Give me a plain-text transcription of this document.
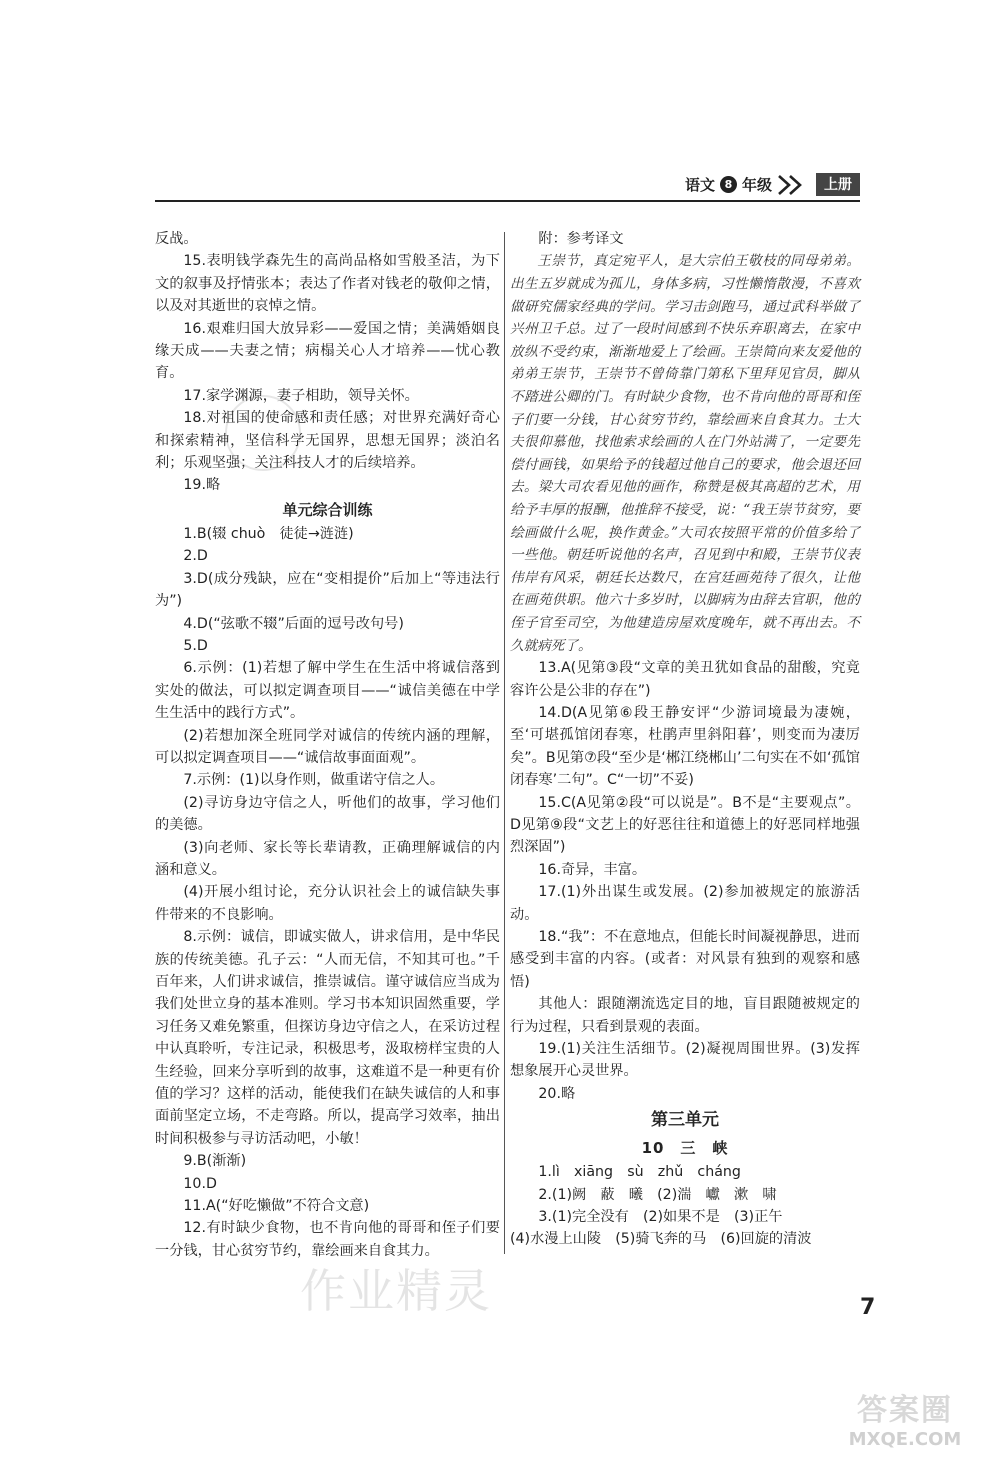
语文 8 年级	上册

反战。

15.表明钱学森先生的高尚品格如雪般圣洁，为下文的叙事及抒情张本；表达了作者对钱老的敬仰之情，以及对其逝世的哀悼之情。

16.艰难归国大放异彩——爱国之情；美满婚姻良缘天成——夫妻之情；病榻关心人才培养——忧心教育。

17.家学渊源，妻子相助，领导关怀。

18.对祖国的使命感和责任感；对世界充满好奇心和探索精神，坚信科学无国界，思想无国界；淡泊名利；乐观坚强；关注科技人才的后续培养。

19.略

单元综合训练

1.B(辍 chuò　徒徒→涟涟)

2.D

3.D(成分残缺，应在“变相提价”后加上“等违法行为”)

4.D(“弦歌不辍”后面的逗号改句号)

5.D

6.示例：(1)若想了解中学生在生活中将诚信落到实处的做法，可以拟定调查项目——“诚信美德在中学生生活中的践行方式”。

(2)若想加深全班同学对诚信的传统内涵的理解，可以拟定调查项目——“诚信故事面面观”。

7.示例：(1)以身作则，做重诺守信之人。

(2)寻访身边守信之人，听他们的故事，学习他们的美德。

(3)向老师、家长等长辈请教，正确理解诚信的内涵和意义。

(4)开展小组讨论，充分认识社会上的诚信缺失事件带来的不良影响。

8.示例：诚信，即诚实做人，讲求信用，是中华民族的传统美德。孔子云：“人而无信，不知其可也。”千百年来，人们讲求诚信，推崇诚信。谨守诚信应当成为我们处世立身的基本准则。学习书本知识固然重要，学习任务又难免繁重，但探访身边守信之人，在采访过程中认真聆听，专注记录，积极思考，汲取榜样宝贵的人生经验，回来分享听到的故事，这难道不是一种更有价值的学习？这样的活动，能使我们在缺失诚信的人和事面前坚定立场，不走弯路。所以，提高学习效率，抽出时间积极参与寻访活动吧，小敏！

9.B(渐渐)

10.D

11.A(“好吃懒做”不符合文意)

12.有时缺少食物，也不肯向他的哥哥和侄子们要一分钱，甘心贫穷节约，靠绘画来自食其力。

附：参考译文

王崇节，真定宛平人，是大宗伯王敬枝的同母弟弟。出生五岁就成为孤儿，身体多病，习性懒惰散漫，不喜欢做研究儒家经典的学问。学习击剑跑马，通过武科举做了兴州卫千总。过了一段时间感到不快乐弃职离去，在家中放纵不受约束，渐渐地爱上了绘画。王崇简向来友爱他的弟弟王崇节，王崇节不曾倚靠门第私下里拜见官员，脚从不踏进公卿的门。有时缺少食物，也不肯向他的哥哥和侄子们要一分钱，甘心贫穷节约，靠绘画来自食其力。士大夫很仰慕他，找他索求绘画的人在门外站满了，一定要先偿付画钱，如果给予的钱超过他自己的要求，他会退还回去。梁大司农看见他的画作，称赞是极其高超的艺术，用给予丰厚的报酬，他推辞不接受，说：“我王崇节贫穷，要绘画做什么呢，换作黄金。”大司农按照平常的价值多给了一些他。朝廷听说他的名声，召见到中和殿，王崇节仪表伟岸有风采，朝廷长达数尺，在宫廷画苑待了很久，让他在画苑供职。他六十多岁时，以脚病为由辞去官职，他的侄子官至司空，为他建造房屋欢度晚年，就不再出去。不久就病死了。

13.A(见第③段“文章的美丑犹如食品的甜酸，究竟容许公是公非的存在”)

14.D(A见第⑥段王静安评“少游词境最为凄婉，至‘可堪孤馆闭春寒，杜鹃声里斜阳暮’，则变而为凄厉矣”。B见第⑦段“至少是‘郴江绕郴山’二句实在不如‘孤馆闭春寒’二句”。C“一切”不妥)

15.C(A见第②段“可以说是”。B不是“主要观点”。D见第⑨段“文艺上的好恶往往和道德上的好恶同样地强烈深固”)

16.奇异，丰富。

17.(1)外出谋生或发展。(2)参加被规定的旅游活动。

18.“我”：不在意地点，但能长时间凝视静思，进而感受到丰富的内容。(或者：对风景有独到的观察和感悟)

其他人：跟随潮流选定目的地，盲目跟随被规定的行为过程，只看到景观的表面。

19.(1)关注生活细节。(2)凝视周围世界。(3)发挥想象展开心灵世界。

20.略

第三单元

10　三　峡

1.lì　xiāng　sù　zhǔ　cháng

2.(1)阙　蔽　曦　(2)湍　巘　漱　啸

3.(1)完全没有　(2)如果不是　(3)正午

(4)水漫上山陵　(5)骑飞奔的马　(6)回旋的清波

7
作业精灵
答案圈
MXQE.COM
